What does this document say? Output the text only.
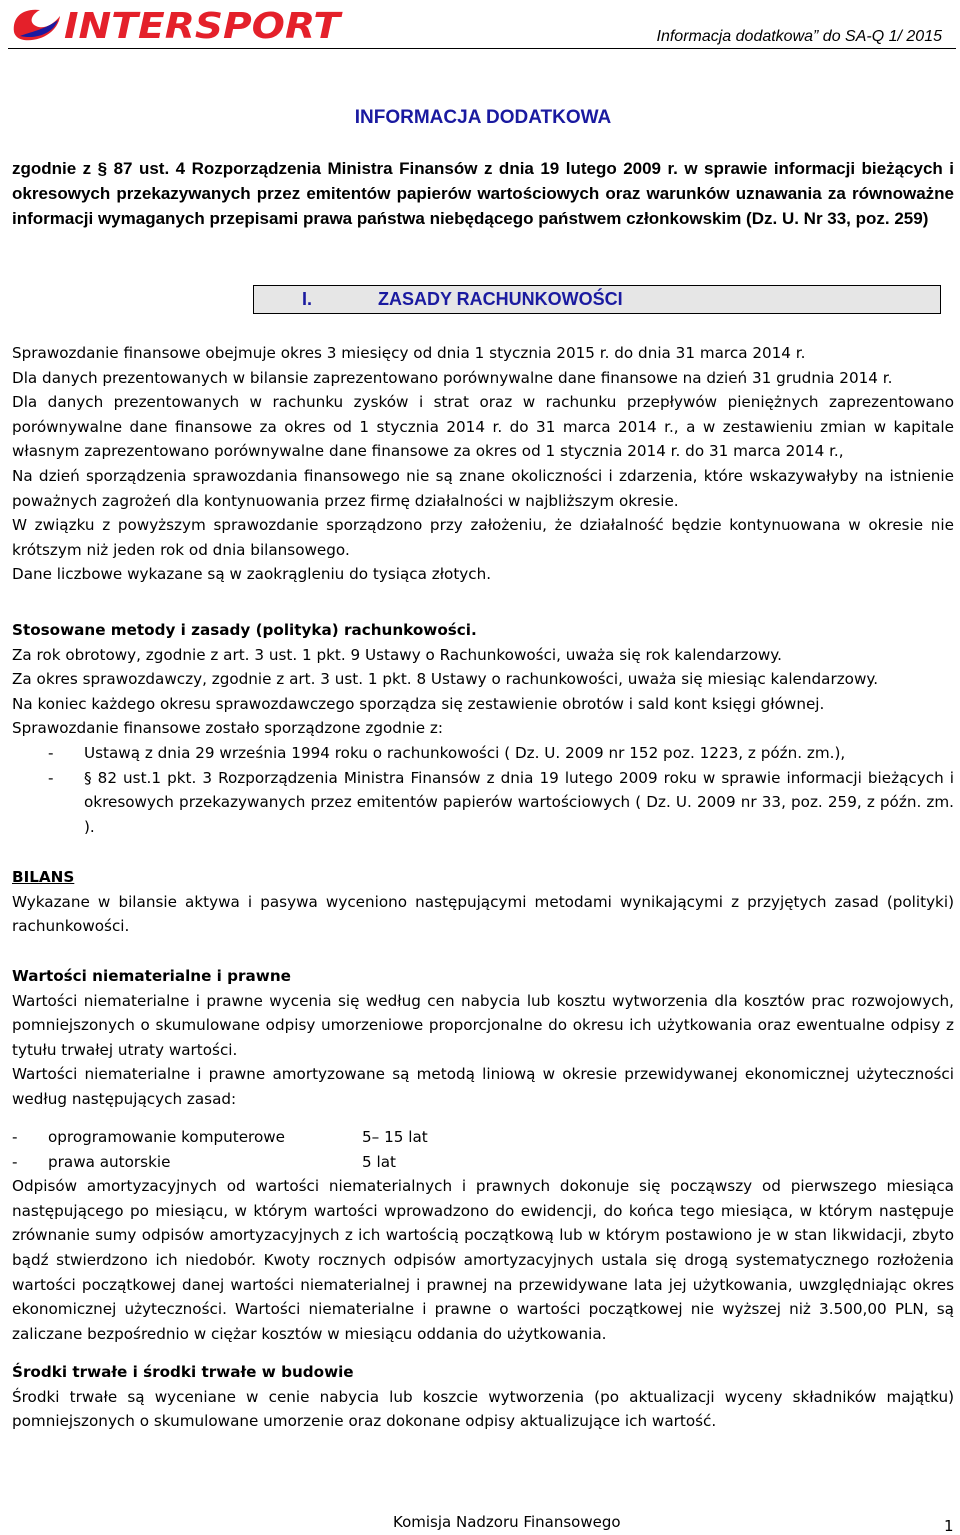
INTERSPORT	Informacja dodatkowa” do SA-Q 1/ 2015
INFORMACJA DODATKOWA
zgodnie z § 87 ust. 4 Rozporządzenia Ministra Finansów z dnia 19 lutego 2009 r. w sprawie informacji bieżących i okresowych przekazywanych przez emitentów papierów wartościowych oraz warunków uznawania za równoważne informacji wymaganych przepisami prawa państwa niebędącego państwem członkowskim (Dz. U. Nr 33, poz. 259)
I.	ZASADY RACHUNKOWOŚCI

Sprawozdanie finansowe obejmuje okres 3 miesięcy od dnia 1 stycznia 2015 r. do dnia 31 marca 2014 r.

Dla danych prezentowanych w bilansie zaprezentowano porównywalne dane finansowe na dzień 31 grudnia 2014 r.

Dla danych prezentowanych w rachunku zysków i strat oraz w rachunku przepływów pieniężnych zaprezentowano porównywalne dane finansowe za okres od 1 stycznia 2014 r. do 31 marca 2014 r., a w zestawieniu zmian w kapitale własnym zaprezentowano porównywalne dane finansowe za okres od 1 stycznia 2014 r. do 31 marca 2014 r.,

Na dzień sporządzenia sprawozdania finansowego nie są znane okoliczności i zdarzenia, które wskazywałyby na istnienie poważnych zagrożeń dla kontynuowania przez firmę działalności w najbliższym okresie.

W związku z powyższym sprawozdanie sporządzono przy założeniu, że działalność będzie kontynuowana w okresie nie krótszym niż jeden rok od dnia bilansowego.

Dane liczbowe wykazane są w zaokrągleniu do tysiąca złotych.

Stosowane metody i zasady (polityka) rachunkowości.

Za rok obrotowy, zgodnie z art. 3 ust. 1 pkt. 9 Ustawy o Rachunkowości, uważa się rok kalendarzowy.

Za okres sprawozdawczy, zgodnie z art. 3 ust. 1 pkt. 8 Ustawy o rachunkowości, uważa się miesiąc kalendarzowy.

Na koniec każdego okresu sprawozdawczego sporządza się zestawienie obrotów i sald kont księgi głównej.

Sprawozdanie finansowe zostało sporządzone zgodnie z:

- Ustawą z dnia 29 września 1994 roku o rachunkowości ( Dz. U. 2009 nr 152 poz. 1223, z późn. zm.),
- § 82 ust.1 pkt. 3 Rozporządzenia Ministra Finansów z dnia 19 lutego 2009 roku w sprawie informacji bieżących i okresowych przekazywanych przez emitentów papierów wartościowych ( Dz. U. 2009 nr 33, poz. 259, z późn. zm. ).

BILANS

Wykazane w bilansie aktywa i pasywa wyceniono następującymi metodami wynikającymi z przyjętych zasad (polityki) rachunkowości.

Wartości niematerialne i prawne

Wartości niematerialne i prawne wycenia się według cen nabycia lub kosztu wytworzenia dla kosztów prac rozwojowych, pomniejszonych o skumulowane odpisy umorzeniowe proporcjonalne do okresu ich użytkowania oraz ewentualne odpisy z tytułu trwałej utraty wartości.

Wartości niematerialne i prawne amortyzowane są metodą liniową w okresie przewidywanej ekonomicznej użyteczności według następujących zasad:

- oprogramowanie komputerowe	5– 15 lat
- prawa autorskie	5 lat

Odpisów amortyzacyjnych od wartości niematerialnych i prawnych dokonuje się począwszy od pierwszego miesiąca następującego po miesiącu, w którym wartości wprowadzono do ewidencji, do końca tego miesiąca, w którym następuje zrównanie sumy odpisów amortyzacyjnych z ich wartością początkową lub w którym postawiono je w stan likwidacji, zbyto bądź stwierdzono ich niedobór. Kwoty rocznych odpisów amortyzacyjnych ustala się drogą systematycznego rozłożenia wartości początkowej danej wartości niematerialnej i prawnej na przewidywane lata jej użytkowania, uwzględniając okres ekonomicznej użyteczności. Wartości niematerialne i prawne o wartości początkowej nie wyższej niż 3.500,00 PLN, są zaliczane bezpośrednio w ciężar kosztów w miesiącu oddania do użytkowania.

Środki trwałe i środki trwałe w budowie

Środki trwałe są wyceniane w cenie nabycia lub koszcie wytworzenia (po aktualizacji wyceny składników majątku) pomniejszonych o skumulowane umorzenie oraz dokonane odpisy aktualizujące ich wartość.

Komisja Nadzoru Finansowego	1
